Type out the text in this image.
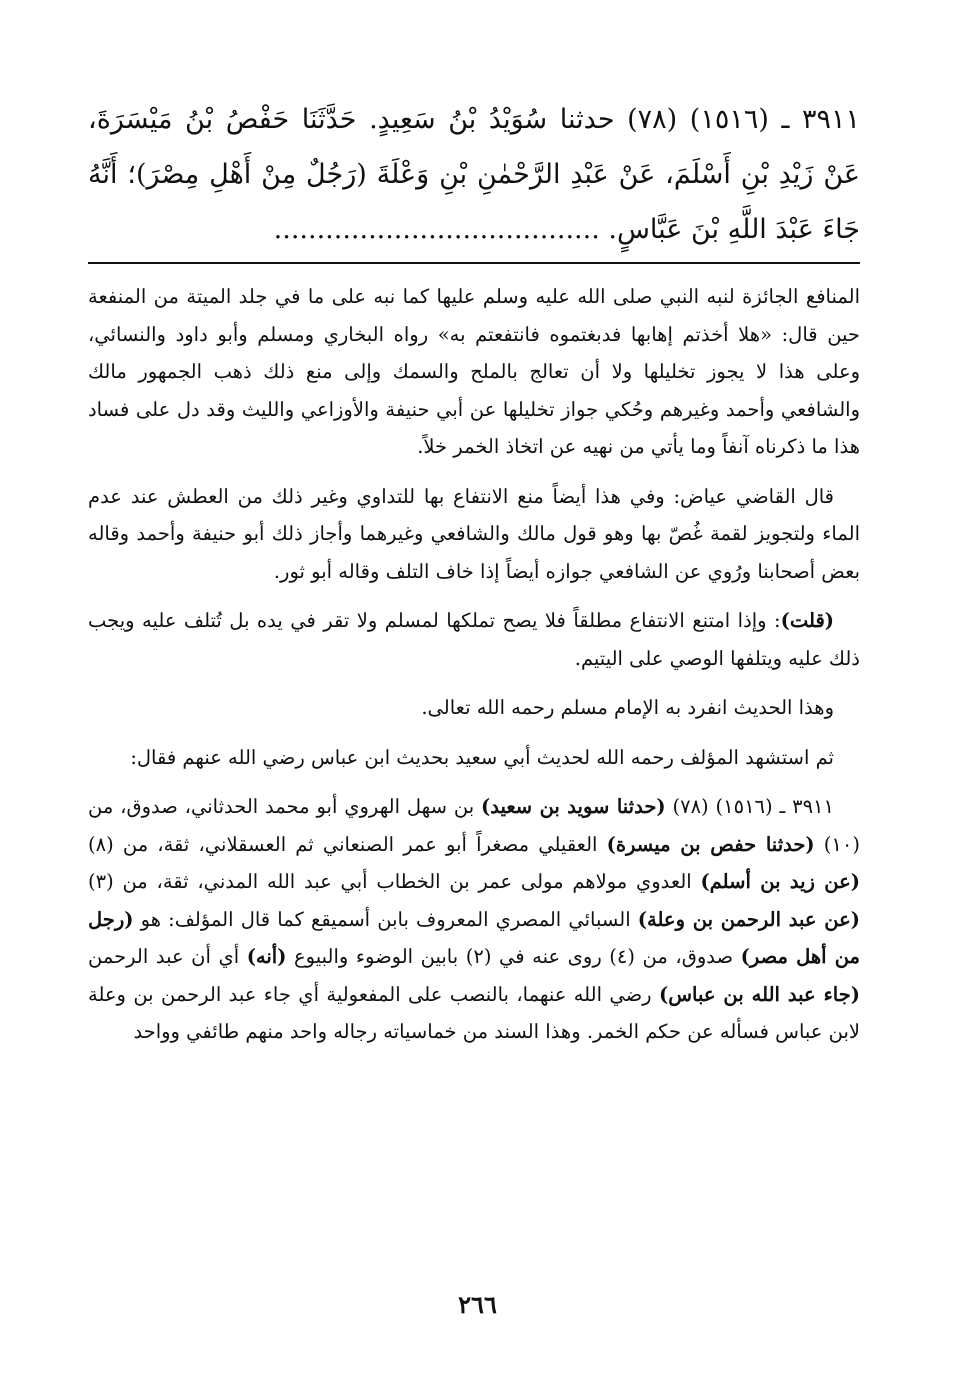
٣٩١١ ـ (١٥١٦) (٧٨) حدثنا سُوَيْدُ بْنُ سَعِيدٍ. حَدَّثَنَا حَفْصُ بْنُ مَيْسَرَةَ، عَنْ زَيْدِ بْنِ أَسْلَمَ، عَنْ عَبْدِ الرَّحْمٰنِ بْنِ وَعْلَةَ (رَجُلٌ مِنْ أَهْلِ مِصْرَ)؛ أَنَّهُ جَاءَ عَبْدَ اللَّهِ بْنَ عَبَّاسٍ. ......................................

المنافع الجائزة لنبه النبي صلى الله عليه وسلم عليها كما نبه على ما في جلد الميتة من المنفعة حين قال: «هلا أخذتم إهابها فدبغتموه فانتفعتم به» رواه البخاري ومسلم وأبو داود والنسائي، وعلى هذا لا يجوز تخليلها ولا أن تعالج بالملح والسمك وإلى منع ذلك ذهب الجمهور مالك والشافعي وأحمد وغيرهم وحُكي جواز تخليلها عن أبي حنيفة والأوزاعي والليث وقد دل على فساد هذا ما ذكرناه آنفاً وما يأتي من نهيه عن اتخاذ الخمر خلاً.

قال القاضي عياض: وفي هذا أيضاً منع الانتفاع بها للتداوي وغير ذلك من العطش عند عدم الماء ولتجويز لقمة غُصّ بها وهو قول مالك والشافعي وغيرهما وأجاز ذلك أبو حنيفة وأحمد وقاله بعض أصحابنا ورُوي عن الشافعي جوازه أيضاً إذا خاف التلف وقاله أبو ثور.

(قلت): وإذا امتنع الانتفاع مطلقاً فلا يصح تملكها لمسلم ولا تقر في يده بل تُتلف عليه ويجب ذلك عليه ويتلفها الوصي على اليتيم.

وهذا الحديث انفرد به الإمام مسلم رحمه الله تعالى.

ثم استشهد المؤلف رحمه الله لحديث أبي سعيد بحديث ابن عباس رضي الله عنهم فقال:

٣٩١١ ـ (١٥١٦) (٧٨) (حدثنا سويد بن سعيد) بن سهل الهروي أبو محمد الحدثاني، صدوق، من (١٠) (حدثنا حفص بن ميسرة) العقيلي مصغراً أبو عمر الصنعاني ثم العسقلاني، ثقة، من (٨) (عن زيد بن أسلم) العدوي مولاهم مولى عمر بن الخطاب أبي عبد الله المدني، ثقة، من (٣) (عن عبد الرحمن بن وعلة) السبائي المصري المعروف بابن أسميقع كما قال المؤلف: هو (رجل من أهل مصر) صدوق، من (٤) روى عنه في (٢) بابين الوضوء والبيوع (أنه) أي أن عبد الرحمن (جاء عبد الله بن عباس) رضي الله عنهما، بالنصب على المفعولية أي جاء عبد الرحمن بن وعلة لابن عباس فسأله عن حكم الخمر. وهذا السند من خماسياته رجاله واحد منهم طائفي وواحد

٢٦٦
